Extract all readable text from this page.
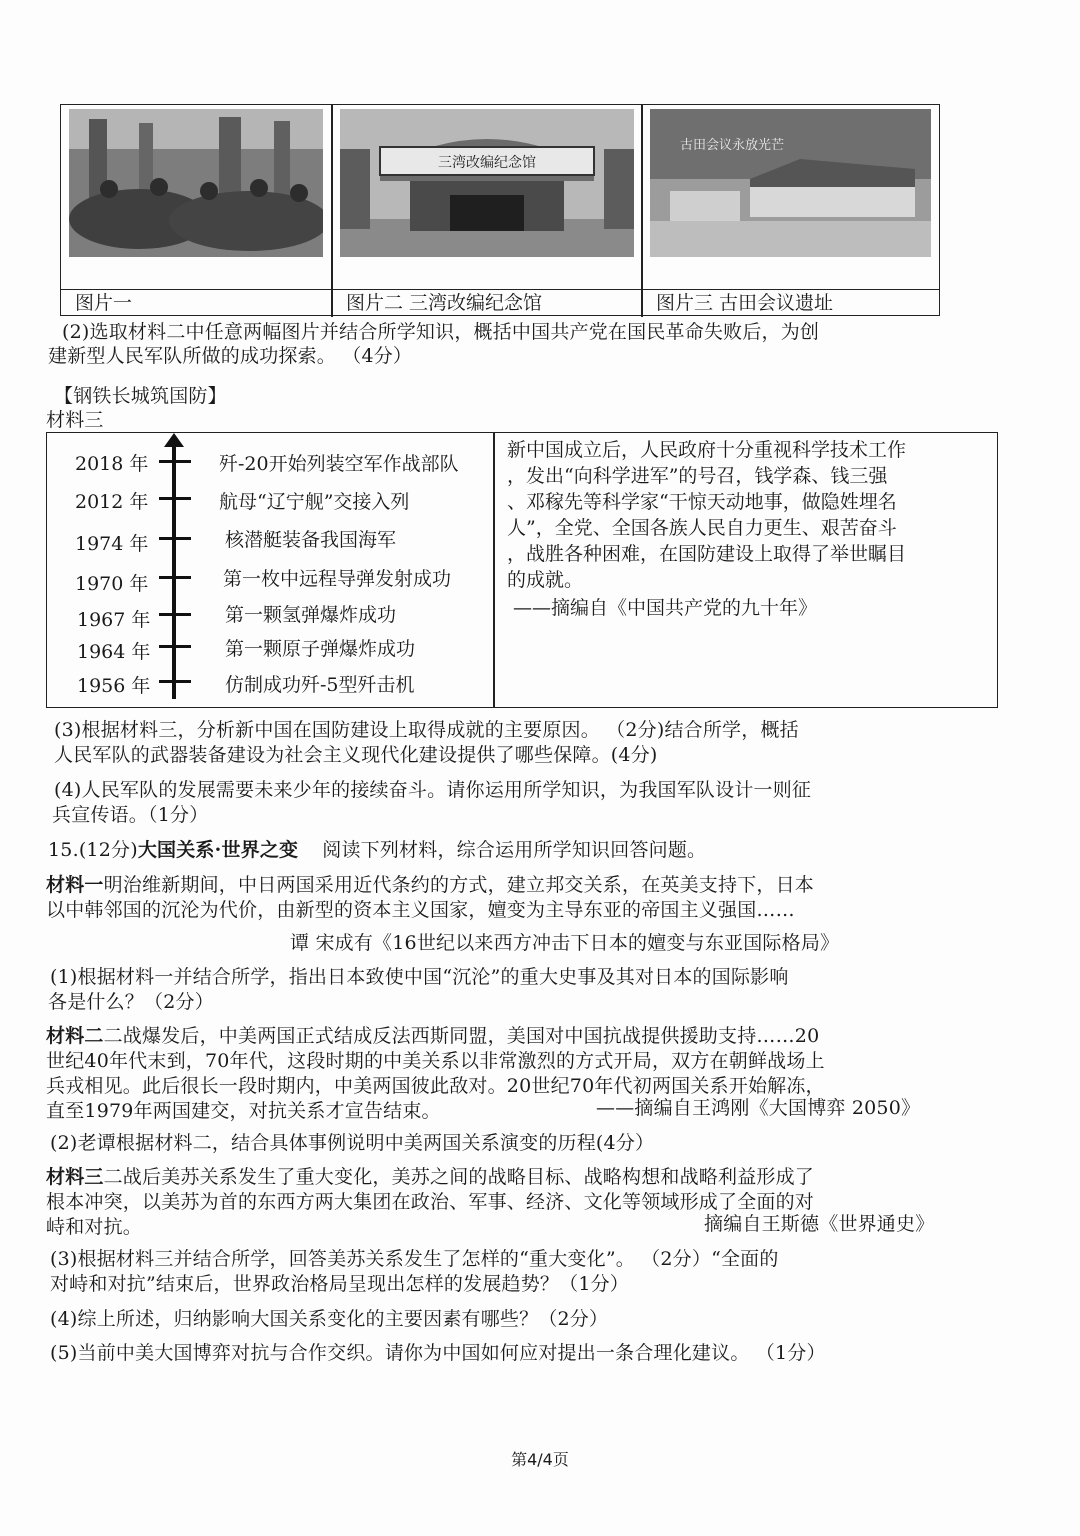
图片一
三湾改编纪念馆
图片二 三湾改编纪念馆
古田会议永放光芒
图片三 古田会议遗址
(2)选取材料二中任意两幅图片并结合所学知识，概括中国共产党在国民革命失败后，为创
建新型人民军队所做的成功探索。 （4分）
【钢铁长城筑国防】
材料三
2018 年	歼-20开始列装空军作战部队
2012 年	航母“辽宁舰”交接入列
1974 年	核潜艇装备我国海军
1970 年	第一枚中远程导弹发射成功
1967 年	第一颗氢弹爆炸成功
1964 年	第一颗原子弹爆炸成功
1956 年	仿制成功歼-5型歼击机
新中国成立后，人民政府十分重视科学技术工作
，发出“向科学进军”的号召，钱学森、钱三强
、邓稼先等科学家“干惊天动地事，做隐姓埋名
人”，全党、全国各族人民自力更生、艰苦奋斗
，战胜各种困难，在国防建设上取得了举世瞩目
的成就。
——摘编自《中国共产党的九十年》
(3)根据材料三，分析新中国在国防建设上取得成就的主要原因。 （2分)结合所学，概括
人民军队的武器装备建设为社会主义现代化建设提供了哪些保障。(4分)
(4)人民军队的发展需要未来少年的接续奋斗。请你运用所学知识，为我国军队设计一则征
兵宣传语。（1分）
15.(12分)大国关系·世界之变 阅读下列材料，综合运用所学知识回答问题。
材料一明治维新期间，中日两国采用近代条约的方式，建立邦交关系，在英美支持下，日本
以中韩邻国的沉沦为代价，由新型的资本主义国家，嬗变为主导东亚的帝国主义强国……
谭 宋成有《16世纪以来西方冲击下日本的嬗变与东亚国际格局》
(1)根据材料一并结合所学，指出日本致使中国“沉沦”的重大史事及其对日本的国际影响
各是什么？（2分）
材料二二战爆发后，中美两国正式结成反法西斯同盟，美国对中国抗战提供援助支持……20
世纪40年代末到，70年代，这段时期的中美关系以非常激烈的方式开局，双方在朝鲜战场上
兵戎相见。此后很长一段时期内，中美两国彼此敌对。20世纪70年代初两国关系开始解冻，
直至1979年两国建交，对抗关系才宣告结束。	——摘编自王鸿刚《大国博弈 2050》
(2)老谭根据材料二，结合具体事例说明中美两国关系演变的历程(4分）
材料三二战后美苏关系发生了重大变化，美苏之间的战略目标、战略构想和战略利益形成了
根本冲突，以美苏为首的东西方两大集团在政治、军事、经济、文化等领域形成了全面的对
峙和对抗。	摘编自王斯德《世界通史》
(3)根据材料三并结合所学，回答美苏关系发生了怎样的“重大变化”。 （2分）“全面的
对峙和对抗”结束后，世界政治格局呈现出怎样的发展趋势？（1分）
(4)综上所述，归纳影响大国关系变化的主要因素有哪些？（2分）
(5)当前中美大国博弈对抗与合作交织。请你为中国如何应对提出一条合理化建议。 （1分）
第4/4页
